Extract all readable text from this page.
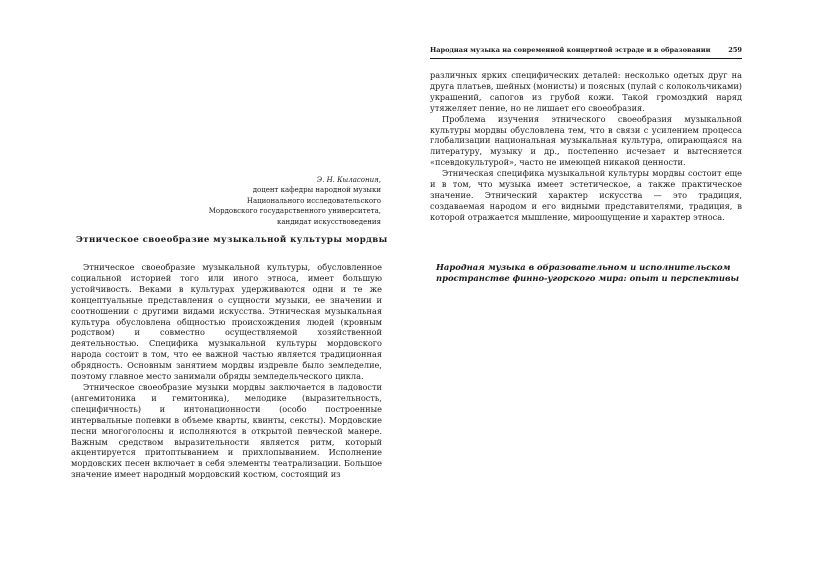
Э. Н. Кыласония,
доцент кафедры народной музыки
Национального исследовательского
Мордовского государственного университета,
кандидат искусствоведения
Этническое своеобразие музыкальной культуры мордвы

Этническое своеобразие музыкальной культуры, обусловленное социальной историей того или иного этноса, имеет большую устойчивость. Веками в культурах удерживаются одни и те же концептуальные представления о сущности музыки, ее значении и соотношении с другими видами искусства. Этническая музыкальная культура обусловлена общностью происхождения людей (кровным родством) и совместно осуществляемой хозяйственной деятельностью. Специфика музыкальной культуры мордовского народа состоит в том, что ее важной частью является традиционная обрядность. Основным занятием мордвы издревле было земледелие, поэтому главное место занимали обряды земледельческого цикла.

Этническое своеобразие музыки мордвы заключается в ладовости (ангемитоника и гемитоника), мелодике (выразительность, специфичность) и интонационности (особо построенные интервальные попевки в объеме кварты, квинты, сексты). Мордовские песни многоголосны и исполняются в открытой певческой манере. Важным средством выразительности является ритм, который акцентируется притоптыванием и прихлопыванием. Исполнение мордовских песен включает в себя элементы театрализации. Большое значение имеет народный мордовский костюм, состоящий из

Народная музыка на современной концертной эстраде и в образовании	259

различных ярких специфических деталей: несколько одетых друг на друга платьев, шейных (монисты) и поясных (пулай с колокольчиками) украшений, сапогов из грубой кожи. Такой громоздкий наряд утяжеляет пение, но не лишает его своеобразия.

Проблема изучения этнического своеобразия музыкальной культуры мордвы обусловлена тем, что в связи с усилением процесса глобализации национальная музыкальная культура, опирающаяся на литературу, музыку и др., постепенно исчезает и вытесняется «псевдокультурой», часто не имеющей никакой ценности.

Этническая специфика музыкальной культуры мордвы состоит еще и в том, что музыка имеет эстетическое, а также практическое значение. Этнический характер искусства — это традиция, создаваемая народом и его видными представителями, традиция, в которой отражается мышление, мироощущение и характер этноса.

Народная музыка в образовательном и исполнительском пространстве финно-угорского мира: опыт и перспективы
